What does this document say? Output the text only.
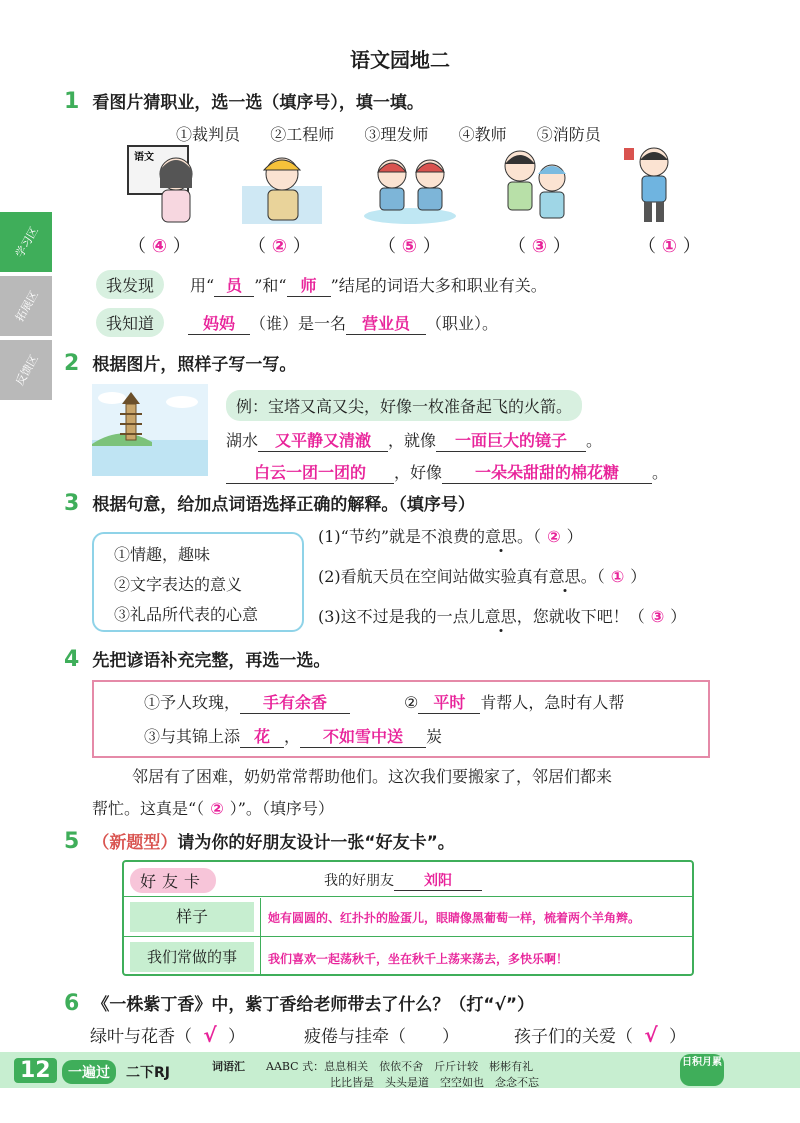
语文园地二
学习区
拓展区
反馈区
1 看图片猜职业，选一选（填序号），填一填。
①裁判员 ②工程师 ③理发师 ④教师 ⑤消防员
语文
（ ④ ）	（ ② ）	（ ⑤ ）	（ ③ ）	（ ① ）
我发现	用“ 员 ”和“ 师 ”结尾的词语大多和职业有关。
我知道	妈妈 （谁）是一名 营业员 （职业）。
2 根据图片，照样子写一写。
例：宝塔又高又尖，好像一枚准备起飞的火箭。
湖水 又平静又清澈 ，就像 一面巨大的镜子 。
白云一团一团的 ，好像 一朵朵甜甜的棉花糖 。
3 根据句意，给加点词语选择正确的解释。（填序号）
①情趣，趣味
②文字表达的意义
③礼品所代表的心意
(1)“节约”就是不浪费的意思。（ ② ）
(2)看航天员在空间站做实验真有意思。（ ① ）
(3)这不过是我的一点儿意思，您就收下吧！（ ③ ）
4 先把谚语补充完整，再选一选。
①予人玫瑰， 手有余香	② 平时 肯帮人，急时有人帮
③与其锦上添 花 ， 不如雪中送 炭
邻居有了困难，奶奶常常帮助他们。这次我们要搬家了，邻居们都来
帮忙。这真是“（ ② ）”。（填序号）
5 （新题型）请为你的好朋友设计一张“好友卡”。
好友卡	我的好朋友 刘阳
样子	她有圆圆的、红扑扑的脸蛋儿，眼睛像黑葡萄一样，梳着两个羊角辫。
我们常做的事	我们喜欢一起荡秋千，坐在秋千上荡来荡去，多快乐啊！
6 《一株紫丁香》中，紫丁香给老师带去了什么？（打“√”）
绿叶与花香（ √ ）	疲倦与挂牵（ ）	孩子们的关爱（ √ ）
12	一遍过	二下RJ	词语汇 AABC 式：息息相关　依依不舍　斤斤计较　彬彬有礼
比比皆是　头头是道　空空如也　念念不忘
日积月累
